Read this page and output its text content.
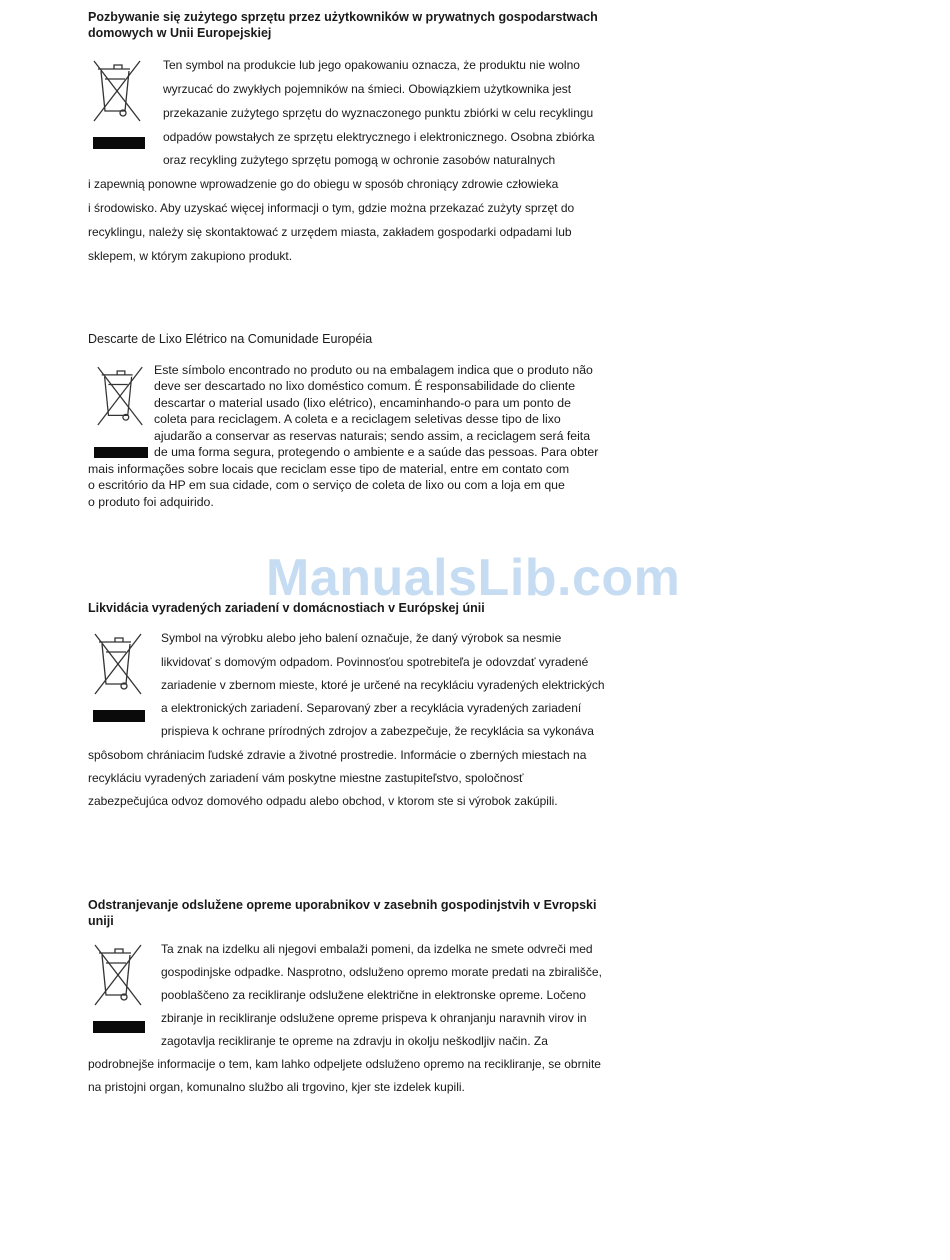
ManualsLib.com

Pozbywanie się zużytego sprzętu przez użytkowników w prywatnych gospodarstwach
domowych w Unii Europejskiej

Ten symbol na produkcie lub jego opakowaniu oznacza, że produktu nie wolno
wyrzucać do zwykłych pojemników na śmieci. Obowiązkiem użytkownika jest
przekazanie zużytego sprzętu do wyznaczonego punktu zbiórki w celu recyklingu
odpadów powstałych ze sprzętu elektrycznego i elektronicznego. Osobna zbiórka
oraz recykling zużytego sprzętu pomogą w ochronie zasobów naturalnych
i zapewnią ponowne wprowadzenie go do obiegu w sposób chroniący zdrowie człowieka
i środowisko. Aby uzyskać więcej informacji o tym, gdzie można przekazać zużyty sprzęt do
recyklingu, należy się skontaktować z urzędem miasta, zakładem gospodarki odpadami lub
sklepem, w którym zakupiono produkt.

Descarte de Lixo Elétrico na Comunidade Européia

Este símbolo encontrado no produto ou na embalagem indica que o produto não
deve ser descartado no lixo doméstico comum. É responsabilidade do cliente
descartar o material usado (lixo elétrico), encaminhando-o para um ponto de
coleta para reciclagem. A coleta e a reciclagem seletivas desse tipo de lixo
ajudarão a conservar as reservas naturais; sendo assim, a reciclagem será feita
de uma forma segura, protegendo o ambiente e a saúde das pessoas. Para obter
mais informações sobre locais que reciclam esse tipo de material, entre em contato com
o escritório da HP em sua cidade, com o serviço de coleta de lixo ou com a loja em que
o produto foi adquirido.

Likvidácia vyradených zariadení v domácnostiach v Európskej únii

Symbol na výrobku alebo jeho balení označuje, že daný výrobok sa nesmie
likvidovať s domovým odpadom. Povinnosťou spotrebiteľa je odovzdať vyradené
zariadenie v zbernom mieste, ktoré je určené na recykláciu vyradených elektrických
a elektronických zariadení. Separovaný zber a recyklácia vyradených zariadení
prispieva k ochrane prírodných zdrojov a zabezpečuje, že recyklácia sa vykonáva
spôsobom chrániacim ľudské zdravie a životné prostredie. Informácie o zberných miestach na
recykláciu vyradených zariadení vám poskytne miestne zastupiteľstvo, spoločnosť
zabezpečujúca odvoz domového odpadu alebo obchod, v ktorom ste si výrobok zakúpili.

Odstranjevanje odslužene opreme uporabnikov v zasebnih gospodinjstvih v Evropski
uniji

Ta znak na izdelku ali njegovi embalaži pomeni, da izdelka ne smete odvreči med
gospodinjske odpadke. Nasprotno, odsluženo opremo morate predati na zbirališče,
pooblaščeno za recikliranje odslužene električne in elektronske opreme. Ločeno
zbiranje in recikliranje odslužene opreme prispeva k ohranjanju naravnih virov in
zagotavlja recikliranje te opreme na zdravju in okolju neškodljiv način. Za
podrobnejše informacije o tem, kam lahko odpeljete odsluženo opremo na recikliranje, se obrnite
na pristojni organ, komunalno službo ali trgovino, kjer ste izdelek kupili.
